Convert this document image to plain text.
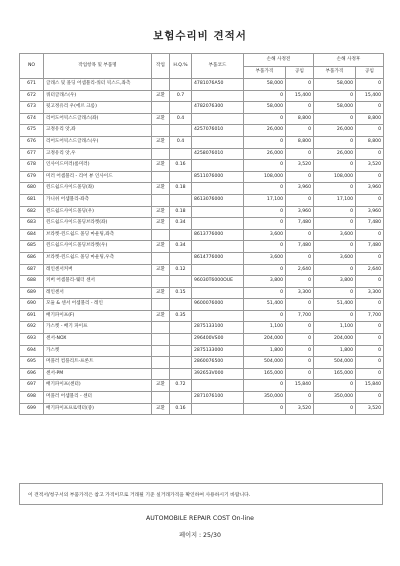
보험수리비 견적서
NO	작업항목 및 부품명	작업	H.Q.%	부품코드	손해 사정전		손해 사정후	
					부품가격	공임	부품가격	공임
671	글래스 및 몰딩 어셈블리-쿼터 픽스드,좌측			4781076A50	58,000	0	58,000	0
672	쿼터글래스(우)	교환	0.7		0	15,400	0	15,400
673	뒷고정유리 우(에르 크롬)			4782076300	58,000	0	58,000	0
674	리어도어픽스드글래스(좌)	교환	0.4		0	8,800	0	8,800
675	고정유리 앗,좌			4257076010	26,000	0	26,000	0
676	리어도어픽스드글래스(우)	교환	0.4		0	8,800	0	8,800
677	고정유리 앗,우			4258076010	26,000	0	26,000	0
678	인사이드미러(룸미러)	교환	0.16		0	3,520	0	3,520
679	미러 어셈블리 - 리어 뷰 인사이드			8511076000	108,000	0	108,000	0
680	윈드쉴드사이드몰딩(좌)	교환	0.18		0	3,960	0	3,960
681	가니쉬 어셈블리-좌측			8613076000	17,100	0	17,100	0
682	윈드쉴드사이드몰딩(우)	교환	0.18		0	3,960	0	3,960
683	윈드쉴드사이드몰딩브라켓(좌)	교환	0.34		0	7,480	0	7,480
684	브라켓-윈드쉴드 몰딩 마운팅,좌측			8613776000	3,600	0	3,600	0
685	윈드쉴드사이드몰딩브라켓(우)	교환	0.34		0	7,480	0	7,480
686	브라켓-윈드쉴드 몰딩 마운팅,우측			8614776000	3,600	0	3,600	0
687	레인센서커버	교환	0.12		0	2,640	0	2,640
688	커버 어셈블리-웨더 센서			96030T6000OUE	3,800	0	3,800	0
689	레인센서	교환	0.15		0	3,300	0	3,300
690	모듈 & 센서 어셈블리 - 레인			9600076000	51,400	0	51,400	0
691	배기파이프(F)	교환	0.35		0	7,700	0	7,700
692	가스켓 - 배기 파이프			2875133100	1,100	0	1,100	0
693	센서-NOX			296400VS00	204,000	0	204,000	0
694	가스켓			2875133000	1,800	0	1,800	0
695	머플러 컴플리트-프론트			2860076500	504,000	0	504,000	0
696	센서-PM			392653V000	165,000	0	165,000	0
697	배기파이프(센터)	교환	0.72		0	15,840	0	15,840
698	머플러 어셈블리 - 센터			2871076100	350,000	0	350,000	0
699	배기파이프프로텍터(중)	교환	0.16		0	3,520	0	3,520
이 견적서/청구서의 부품가격은 참고 가격이므로 거래될 기준 실거래가격을 확인하여 사용하시기 바랍니다.
AUTOMOBILE REPAIR COST On-line
페이지 : 25/30
